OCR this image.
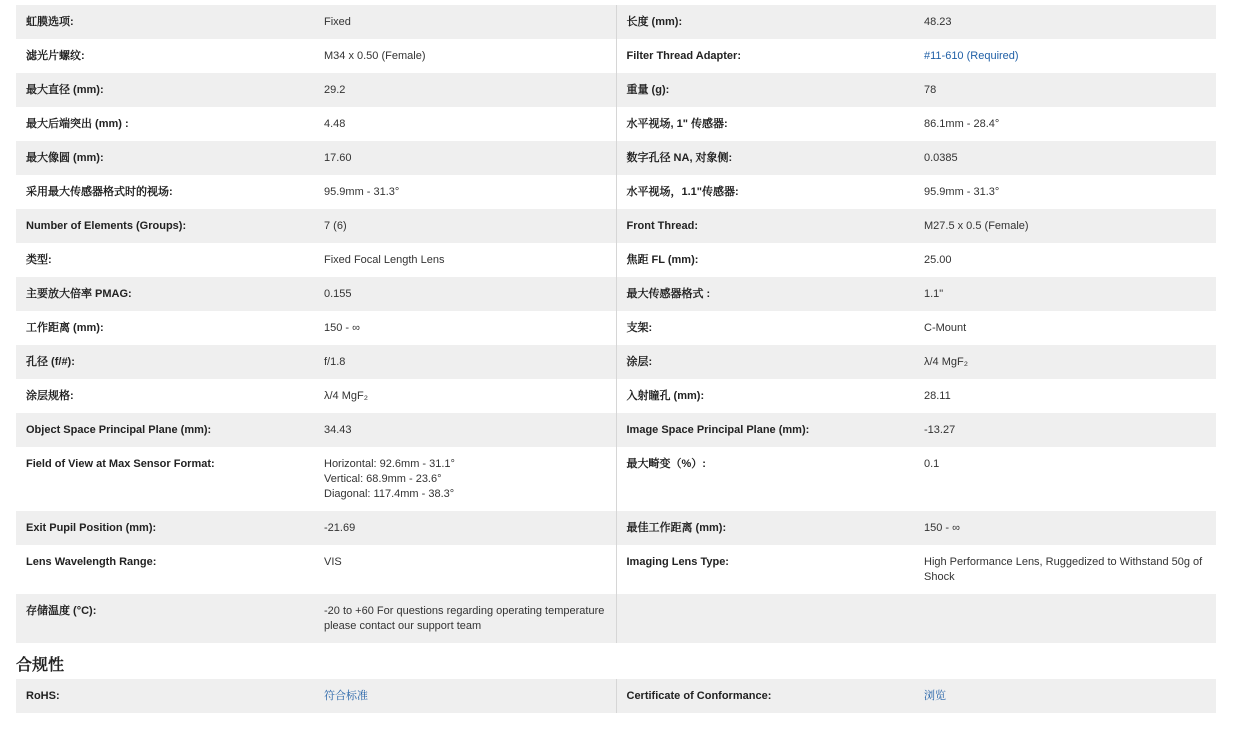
虹膜选项:	Fixed	长度 (mm):	48.23
滤光片螺纹:	M34 x 0.50 (Female)	Filter Thread Adapter:	#11-610 (Required)
最大直径 (mm):	29.2	重量 (g):	78
最大后端突出 (mm) :	4.48	水平视场, 1" 传感器:	86.1mm - 28.4°
最大像圆 (mm):	17.60	数字孔径 NA, 对象侧:	0.0385
采用最大传感器格式时的视场:	95.9mm - 31.3°	水平视场，1.1"传感器:	95.9mm - 31.3°
Number of Elements (Groups):	7 (6)	Front Thread:	M27.5 x 0.5 (Female)
类型:	Fixed Focal Length Lens	焦距 FL (mm):	25.00
主要放大倍率 PMAG:	0.155	最大传感器格式 :	1.1"
工作距离 (mm):	150 - ∞	支架:	C-Mount
孔径 (f/#):	f/1.8	涂层:	λ/4 MgF₂
涂层规格:	λ/4 MgF₂	入射瞳孔 (mm):	28.11
Object Space Principal Plane (mm):	34.43	Image Space Principal Plane (mm):	-13.27
Field of View at Max Sensor Format:	Horizontal: 92.6mm - 31.1°
Vertical: 68.9mm - 23.6°
Diagonal: 117.4mm - 38.3°	最大畸变（%）:	0.1
Exit Pupil Position (mm):	-21.69	最佳工作距离 (mm):	150 - ∞
Lens Wavelength Range:	VIS	Imaging Lens Type:	High Performance Lens, Ruggedized to Withstand 50g of Shock
存储温度 (°C):	-20 to +60 For questions regarding operating temperature please contact our support team		
合规性
RoHS:	符合标准	Certificate of Conformance:	浏览
